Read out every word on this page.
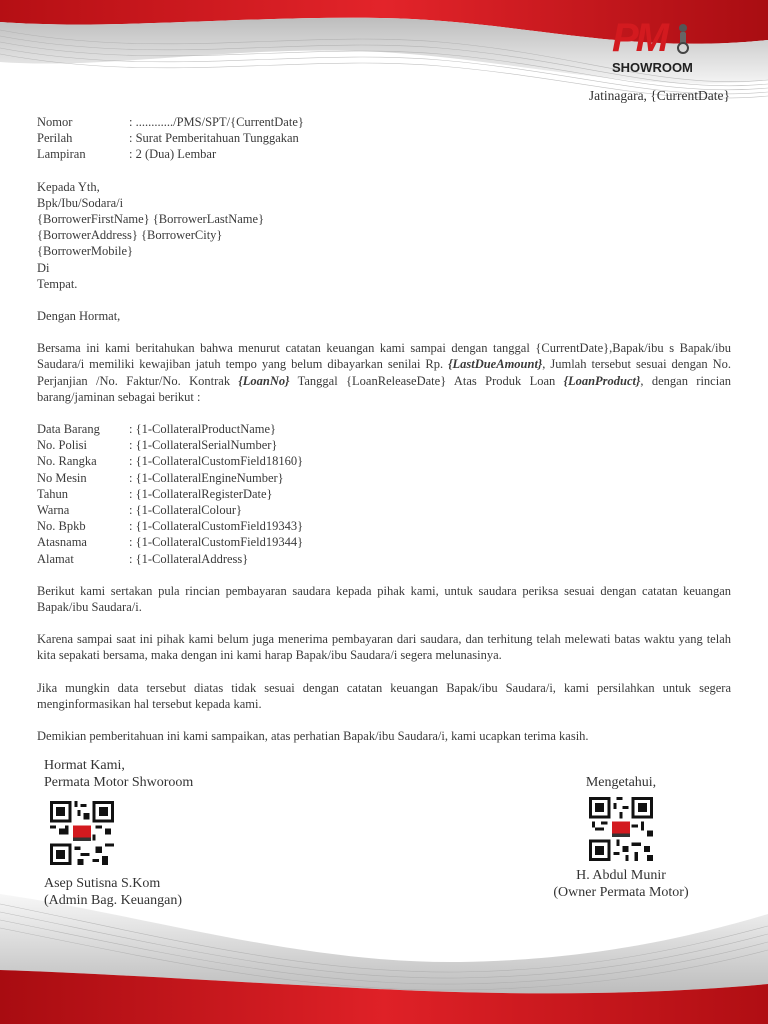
PM
SHOWROOM
Jatinagara, {CurrentDate}
Nomor	: ............/PMS/SPT/{CurrentDate}
Perilah	: Surat Pemberitahuan Tunggakan
Lampiran	: 2 (Dua) Lembar
Kepada Yth,
Bpk/Ibu/Sodara/i
{BorrowerFirstName} {BorrowerLastName}
{BorrowerAddress} {BorrowerCity}
{BorrowerMobile}
Di
Tempat.
Dengan Hormat,

Bersama ini kami beritahukan bahwa menurut catatan keuangan kami sampai dengan tanggal {CurrentDate},Bapak/ibu s Bapak/ibu Saudara/i memiliki kewajiban jatuh tempo yang belum dibayarkan senilai Rp. {LastDueAmount}, Jumlah tersebut sesuai dengan No. Perjanjian /No. Faktur/No. Kontrak {LoanNo} Tanggal {LoanReleaseDate} Atas Produk Loan {LoanProduct}, dengan rincian barang/jaminan sebagai berikut :

Data Barang	: {1-CollateralProductName}
No. Polisi	: {1-CollateralSerialNumber}
No. Rangka	: {1-CollateralCustomField18160}
No Mesin	: {1-CollateralEngineNumber}
Tahun	: {1-CollateralRegisterDate}
Warna	: {1-CollateralColour}
No. Bpkb	: {1-CollateralCustomField19343}
Atasnama	: {1-CollateralCustomField19344}
Alamat	: {1-CollateralAddress}

Berikut kami sertakan pula rincian pembayaran saudara kepada pihak kami, untuk saudara periksa sesuai dengan catatan keuangan Bapak/ibu Saudara/i.

Karena sampai saat ini pihak kami belum juga menerima pembayaran dari saudara, dan terhitung telah melewati batas waktu yang telah kita sepakati bersama, maka dengan ini kami harap Bapak/ibu Saudara/i segera melunasinya.

Jika mungkin data tersebut diatas tidak sesuai dengan catatan keuangan Bapak/ibu Saudara/i, kami persilahkan untuk segera menginformasikan hal tersebut kepada kami.

Demikian pemberitahuan ini kami sampaikan, atas perhatian Bapak/ibu Saudara/i, kami ucapkan terima kasih.

Hormat Kami,
Permata Motor Shworoom
Asep Sutisna S.Kom
(Admin Bag. Keuangan)
Mengetahui,
H. Abdul Munir
(Owner Permata Motor)
